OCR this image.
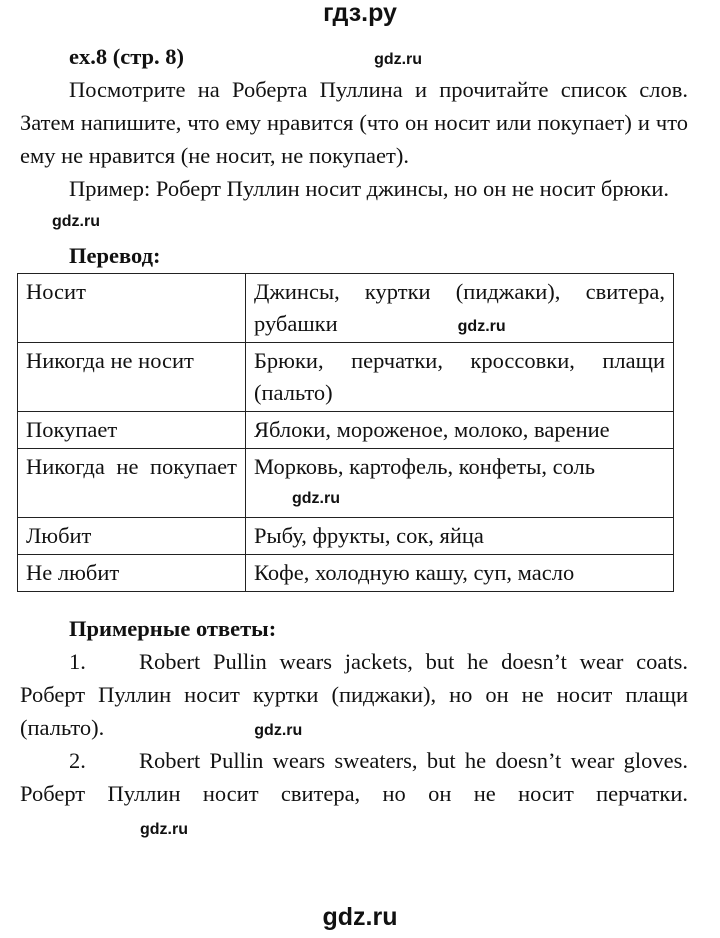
гдз.ру
ex.8 (стр. 8)	gdz.ru
Посмотрите на Роберта Пуллина и прочитайте список слов. Затем напишите, что ему нравится (что он носит или покупает) и что ему не нравится (не носит, не покупает).
Пример: Роберт Пуллин носит джинсы, но он не носит брюки.
gdz.ru
Перевод:
Носит	Джинсы, куртки (пиджаки), свитера, рубашки gdz.ru
Никогда не носит	Брюки, перчатки, кроссовки, плащи (пальто)
Покупает	Яблоки, мороженое, молоко, варение
Никогда не покупает	Морковь, картофель, конфеты, соль
gdz.ru

Любит	Рыбу, фрукты, сок, яйца
Не любит	Кофе, холодную кашу, суп, масло
Примерные ответы:
1. Robert Pullin wears jackets, but he doesn’t wear coats. Роберт Пуллин носит куртки (пиджаки), но он не носит плащи (пальто).	gdz.ru
2. Robert Pullin wears sweaters, but he doesn’t wear gloves. Роберт Пуллин носит свитера, но он не носит перчатки.gdz.ru
gdz.ru
